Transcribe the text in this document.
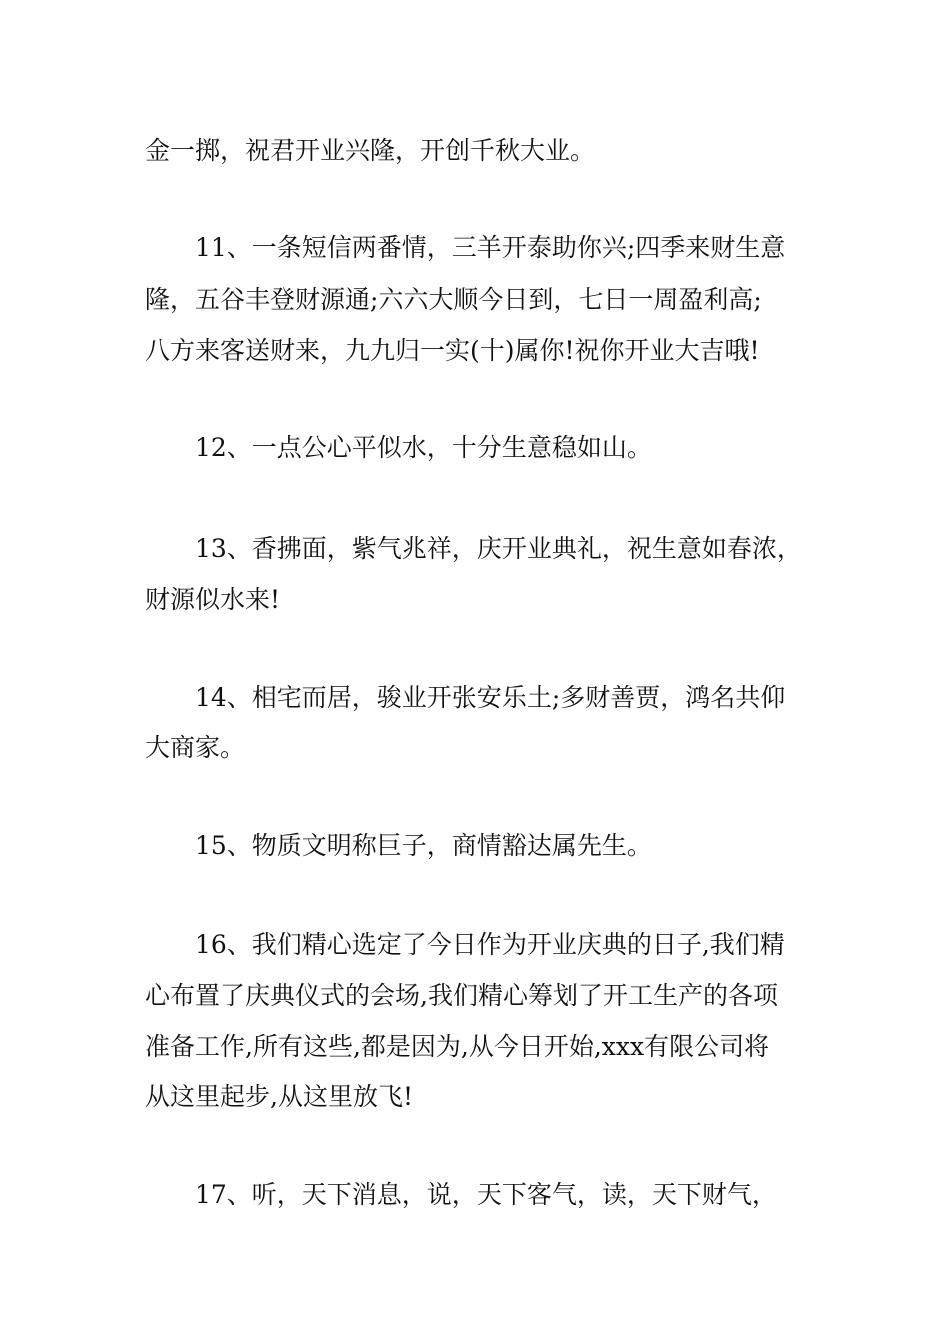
金一掷，祝君开业兴隆，开创千秋大业。

11、一条短信两番情，三羊开泰助你兴;四季来财生意

隆，五谷丰登财源通;六六大顺今日到，七日一周盈利高;

八方来客送财来，九九归一实(十)属你!祝你开业大吉哦!

12、一点公心平似水，十分生意稳如山。

13、香拂面，紫气兆祥，庆开业典礼，祝生意如春浓，

财源似水来!

14、相宅而居，骏业开张安乐土;多财善贾，鸿名共仰

大商家。

15、物质文明称巨子，商情豁达属先生。

16、我们精心选定了今日作为开业庆典的日子,我们精

心布置了庆典仪式的会场,我们精心筹划了开工生产的各项

准备工作,所有这些,都是因为,从今日开始,xxx有限公司将

从这里起步,从这里放飞!

17、听，天下消息，说，天下客气，读，天下财气，
